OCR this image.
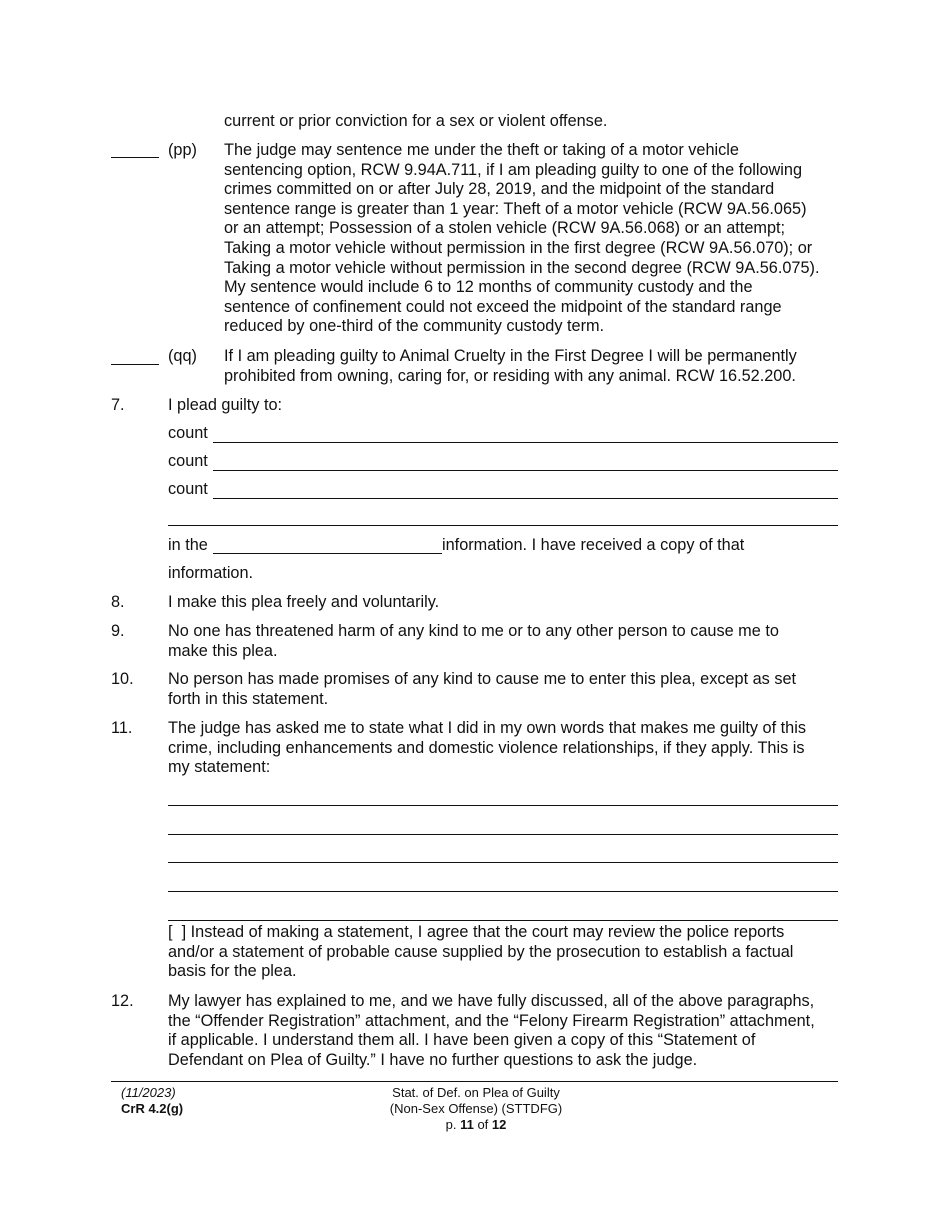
current or prior conviction for a sex or violent offense.
(pp) The judge may sentence me under the theft or taking of a motor vehicle
sentencing option, RCW 9.94A.711, if I am pleading guilty to one of the following
crimes committed on or after July 28, 2019, and the midpoint of the standard
sentence range is greater than 1 year: Theft of a motor vehicle (RCW 9A.56.065)
or an attempt; Possession of a stolen vehicle (RCW 9A.56.068) or an attempt;
Taking a motor vehicle without permission in the first degree (RCW 9A.56.070); or
Taking a motor vehicle without permission in the second degree (RCW 9A.56.075).
My sentence would include 6 to 12 months of community custody and the
sentence of confinement could not exceed the midpoint of the standard range
reduced by one-third of the community custody term.
(qq) If I am pleading guilty to Animal Cruelty in the First Degree I will be permanently
prohibited from owning, caring for, or residing with any animal. RCW 16.52.200.
7.	I plead guilty to:
count
count
count
in the	information. I have received a copy of that
information.
8.	I make this plea freely and voluntarily.
9.	No one has threatened harm of any kind to me or to any other person to cause me to
make this plea.
10. No person has made promises of any kind to cause me to enter this plea, except as set
forth in this statement.
11. The judge has asked me to state what I did in my own words that makes me guilty of this
crime, including enhancements and domestic violence relationships, if they apply. This is
my statement:
[  ] Instead of making a statement, I agree that the court may review the police reports
and/or a statement of probable cause supplied by the prosecution to establish a factual
basis for the plea.
12. My lawyer has explained to me, and we have fully discussed, all of the above paragraphs,
the “Offender Registration” attachment, and the “Felony Firearm Registration” attachment,
if applicable. I understand them all. I have been given a copy of this “Statement of
Defendant on Plea of Guilty.” I have no further questions to ask the judge.
(11/2023)
CrR 4.2(g)
Stat. of Def. on Plea of Guilty
(Non-Sex Offense) (STTDFG)
p. 11 of 12
